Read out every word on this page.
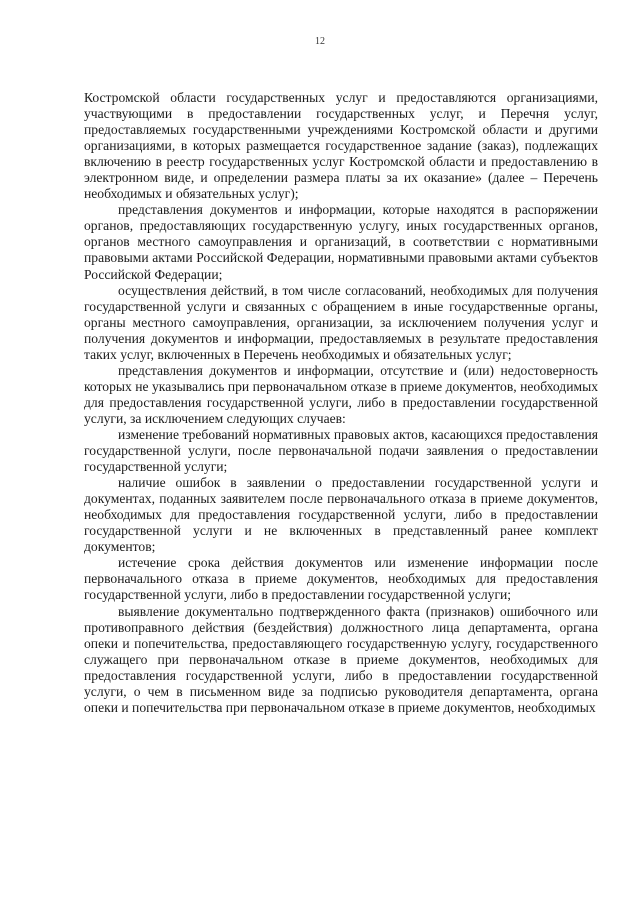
12

Костромской области государственных услуг и предоставляются организациями, участвующими в предоставлении государственных услуг, и Перечня услуг, предоставляемых государственными учреждениями Костромской области и другими организациями, в которых размещается государственное задание (заказ), подлежащих включению в реестр государственных услуг Костромской области и предоставлению в электронном виде, и определении размера платы за их оказание» (далее – Перечень необходимых и обязательных услуг);

представления документов и информации, которые находятся в распоряжении органов, предоставляющих государственную услугу, иных государственных органов, органов местного самоуправления и организаций, в соответствии с нормативными правовыми актами Российской Федерации, нормативными правовыми актами субъектов Российской Федерации;

осуществления действий, в том числе согласований, необходимых для получения государственной услуги и связанных с обращением в иные государственные органы, органы местного самоуправления, организации, за исключением получения услуг и получения документов и информации, предоставляемых в результате предоставления таких услуг, включенных в Перечень необходимых и обязательных услуг;

представления документов и информации, отсутствие и (или) недостоверность которых не указывались при первоначальном отказе в приеме документов, необходимых для предоставления государственной услуги, либо в предоставлении государственной услуги, за исключением следующих случаев:

изменение требований нормативных правовых актов, касающихся предоставления государственной услуги, после первоначальной подачи заявления о предоставлении государственной услуги;

наличие ошибок в заявлении о предоставлении государственной услуги и документах, поданных заявителем после первоначального отказа в приеме документов, необходимых для предоставления государственной услуги, либо в предоставлении государственной услуги и не включенных в представленный ранее комплект документов;

истечение срока действия документов или изменение информации после первоначального отказа в приеме документов, необходимых для предоставления государственной услуги, либо в предоставлении государственной услуги;

выявление документально подтвержденного факта (признаков) ошибочного или противоправного действия (бездействия) должностного лица департамента, органа опеки и попечительства, предоставляющего государственную услугу, государственного служащего при первоначальном отказе в приеме документов, необходимых для предоставления государственной услуги, либо в предоставлении государственной услуги, о чем в письменном виде за подписью руководителя департамента, органа опеки и попечительства при первоначальном отказе в приеме документов, необходимых
